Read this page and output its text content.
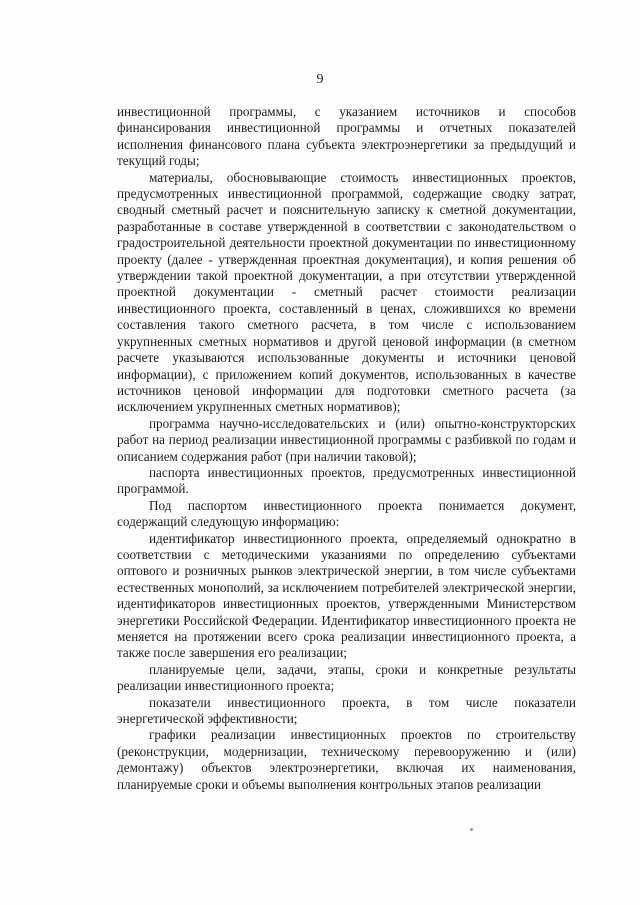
9

инвестиционной программы, с указанием источников и способов финансирования инвестиционной программы и отчетных показателей исполнения финансового плана субъекта электроэнергетики за предыдущий и текущий годы;

материалы, обосновывающие стоимость инвестиционных проектов, предусмотренных инвестиционной программой, содержащие сводку затрат, сводный сметный расчет и пояснительную записку к сметной документации, разработанные в составе утвержденной в соответствии с законодательством о градостроительной деятельности проектной документации по инвестиционному проекту (далее - утвержденная проектная документация), и копия решения об утверждении такой проектной документации, а при отсутствии утвержденной проектной документации - сметный расчет стоимости реализации инвестиционного проекта, составленный в ценах, сложившихся ко времени составления такого сметного расчета, в том числе с использованием укрупненных сметных нормативов и другой ценовой информации (в сметном расчете указываются использованные документы и источники ценовой информации), с приложением копий документов, использованных в качестве источников ценовой информации для подготовки сметного расчета (за исключением укрупненных сметных нормативов);

программа научно-исследовательских и (или) опытно-конструкторских работ на период реализации инвестиционной программы с разбивкой по годам и описанием содержания работ (при наличии таковой);

паспорта инвестиционных проектов, предусмотренных инвестиционной программой.

Под паспортом инвестиционного проекта понимается документ, содержащий следующую информацию:

идентификатор инвестиционного проекта, определяемый однократно в соответствии с методическими указаниями по определению субъектами оптового и розничных рынков электрической энергии, в том числе субъектами естественных монополий, за исключением потребителей электрической энергии, идентификаторов инвестиционных проектов, утвержденными Министерством энергетики Российской Федерации. Идентификатор инвестиционного проекта не меняется на протяжении всего срока реализации инвестиционного проекта, а также после завершения его реализации;

планируемые цели, задачи, этапы, сроки и конкретные результаты реализации инвестиционного проекта;

показатели инвестиционного проекта, в том числе показатели энергетической эффективности;

графики реализации инвестиционных проектов по строительству (реконструкции, модернизации, техническому перевооружению и (или) демонтажу) объектов электроэнергетики, включая их наименования, планируемые сроки и объемы выполнения контрольных этапов реализации
